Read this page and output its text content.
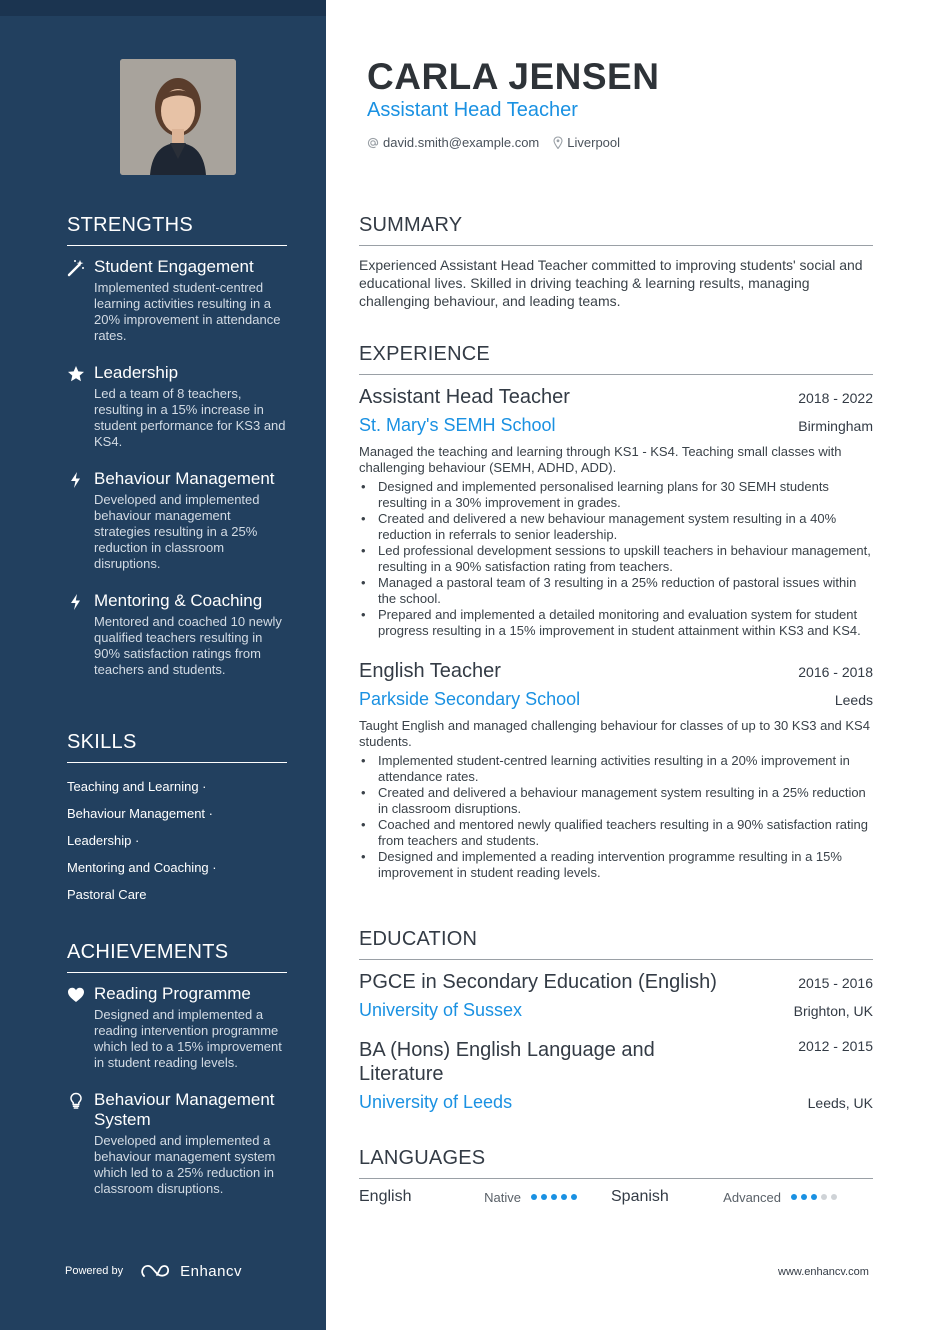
STRENGTHS
Student Engagement
Implemented student-centred learning activities resulting in a 20% improvement in attendance rates.
Leadership
Led a team of 8 teachers, resulting in a 15% increase in student performance for KS3 and KS4.
Behaviour Management
Developed and implemented behaviour management strategies resulting in a 25% reduction in classroom disruptions.
Mentoring & Coaching
Mentored and coached 10 newly qualified teachers resulting in 90% satisfaction ratings from teachers and students.
SKILLS
Teaching and Learning ·
Behaviour Management ·
Leadership ·
Mentoring and Coaching ·
Pastoral Care
ACHIEVEMENTS
Reading Programme
Designed and implemented a reading intervention programme which led to a 15% improvement in student reading levels.
Behaviour Management System
Developed and implemented a behaviour management system which led to a 25% reduction in classroom disruptions.
Powered by	Enhancv
CARLA JENSEN
Assistant Head Teacher
david.smith@example.com Liverpool
SUMMARY
Experienced Assistant Head Teacher committed to improving students' social and educational lives. Skilled in driving teaching & learning results, managing challenging behaviour, and leading teams.
EXPERIENCE
Assistant Head Teacher	2018 - 2022
St. Mary's SEMH School	Birmingham
Managed the teaching and learning through KS1 - KS4. Teaching small classes with challenging behaviour (SEMH, ADHD, ADD).
• Designed and implemented personalised learning plans for 30 SEMH students resulting in a 30% improvement in grades.
• Created and delivered a new behaviour management system resulting in a 40% reduction in referrals to senior leadership.
• Led professional development sessions to upskill teachers in behaviour management, resulting in a 90% satisfaction rating from teachers.
• Managed a pastoral team of 3 resulting in a 25% reduction of pastoral issues within the school.
• Prepared and implemented a detailed monitoring and evaluation system for student progress resulting in a 15% improvement in student attainment within KS3 and KS4.
English Teacher	2016 - 2018
Parkside Secondary School	Leeds
Taught English and managed challenging behaviour for classes of up to 30 KS3 and KS4 students.
• Implemented student-centred learning activities resulting in a 20% improvement in attendance rates.
• Created and delivered a behaviour management system resulting in a 25% reduction in classroom disruptions.
• Coached and mentored newly qualified teachers resulting in a 90% satisfaction rating from teachers and students.
• Designed and implemented a reading intervention programme resulting in a 15% improvement in student reading levels.
EDUCATION
PGCE in Secondary Education (English)	2015 - 2016
University of Sussex	Brighton, UK
BA (Hons) English Language and Literature
2012 - 2015
University of Leeds	Leeds, UK
LANGUAGES
English	Native	Spanish	Advanced
www.enhancv.com
